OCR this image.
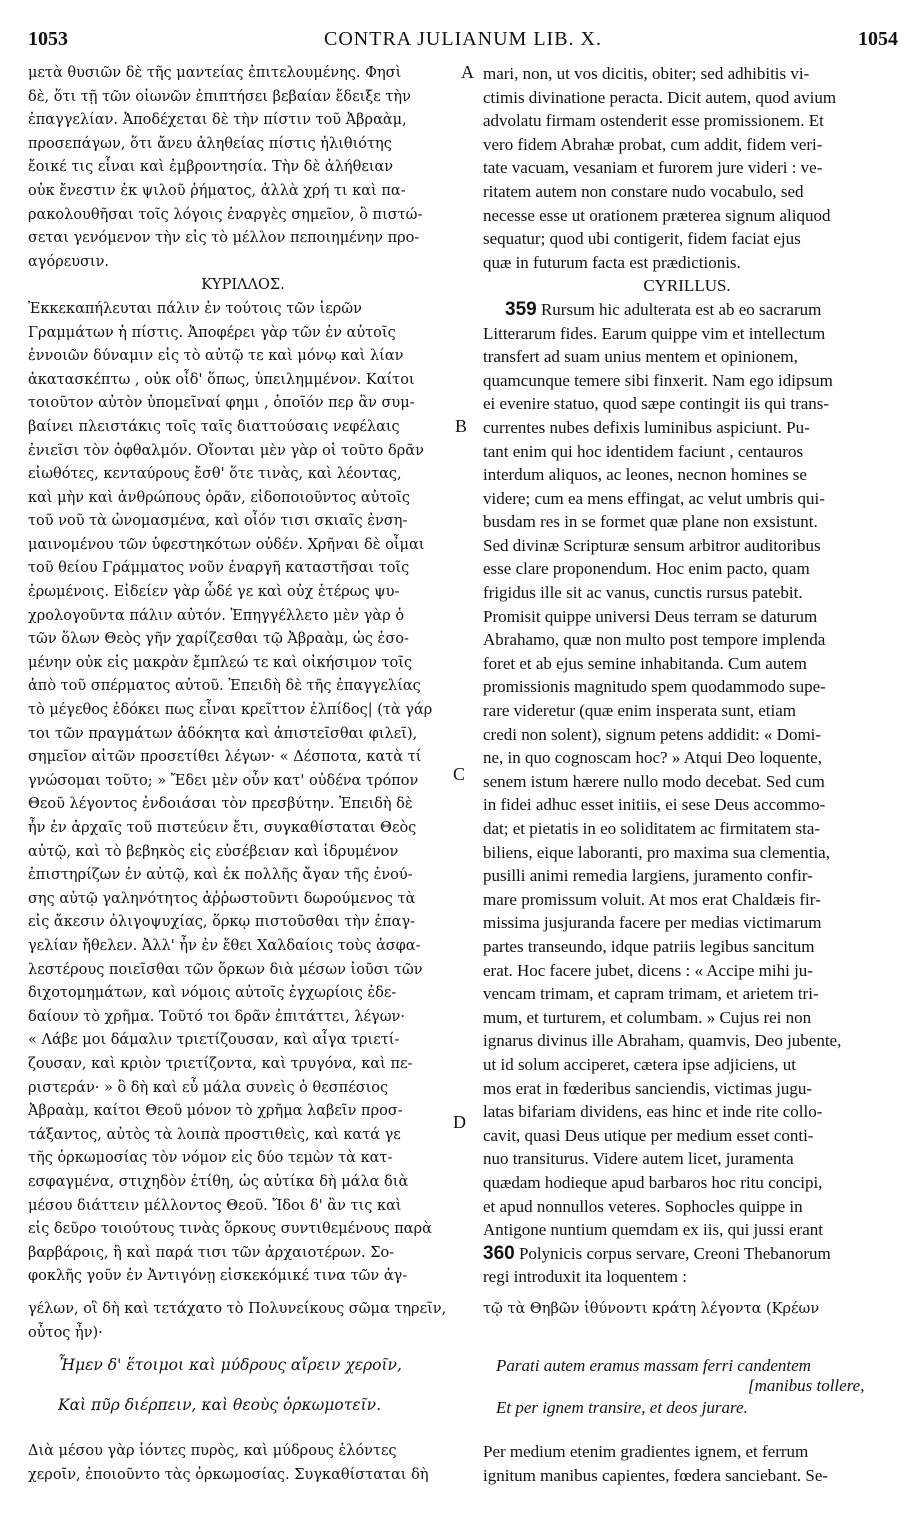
1053	CONTRA JULIANUM LIB. X.	1054
μετὰ θυσιῶν δὲ τῆς μαντείας ἐπιτελουμένης. Φησὶ
δὲ, ὅτι τῇ τῶν οἰωνῶν ἐπιπτήσει βεβαίαν ἔδειξε τὴν
ἐπαγγελίαν. Ἀποδέχεται δὲ τὴν πίστιν τοῦ Ἀβραὰμ,
προσεπάγων, ὅτι ἄνευ ἀληθείας πίστις ἠλιθιότης
ἔοικέ τις εἶναι καὶ ἐμβροντησία. Τὴν δὲ ἀλήθειαν
οὐκ ἔνεστιν ἐκ ψιλοῦ ῥήματος, ἀλλὰ χρή τι καὶ πα-
ρακολουθῆσαι τοῖς λόγοις ἐναργὲς σημεῖον, ὃ πιστώ-
σεται γενόμενον τὴν εἰς τὸ μέλλον πεποιημένην προ-
αγόρευσιν.
ΚΥΡΙΛΛΟΣ.
Ἐκκεκαπήλευται πάλιν ἐν τούτοις τῶν ἱερῶν
Γραμμάτων ἡ πίστις. Ἀποφέρει γὰρ τῶν ἐν αὐτοῖς
ἐννοιῶν δύναμιν εἰς τὸ αὐτῷ τε καὶ μόνῳ καὶ λίαν
ἀκατασκέπτω , οὐκ οἶδ' ὅπως, ὑπειλημμένον. Καίτοι
τοιοῦτον αὐτὸν ὑπομεῖναί φημι , ὁποῖόν περ ἂν συμ-
βαίνει πλειστάκις τοῖς ταῖς διαττούσαις νεφέλαις
ἐνιεῖσι τὸν ὀφθαλμόν. Οἴονται μὲν γὰρ οἱ τοῦτο δρᾶν
εἰωθότες, κενταύρους ἔσθ' ὅτε τινὰς, καὶ λέοντας,
καὶ μὴν καὶ ἀνθρώπους ὁρᾶν, εἰδοποιοῦντος αὐτοῖς
τοῦ νοῦ τὰ ὠνομασμένα, καὶ οἷόν τισι σκιαῖς ἐνση-
μαινομένου τῶν ὑφεστηκότων οὐδέν. Χρῆναι δὲ οἶμαι
τοῦ θείου Γράμματος νοῦν ἐναργῆ καταστῆσαι τοῖς
ἐρωμένοις. Εἰδείεν γὰρ ὧδέ γε καὶ οὐχ ἑτέρως ψυ-
χρολογοῦντα πάλιν αὐτόν. Ἐπηγγέλλετο μὲν γὰρ ὁ
τῶν ὅλων Θεὸς γῆν χαρίζεσθαι τῷ Ἀβραὰμ, ὡς ἐσο-
μένην οὐκ εἰς μακρὰν ἔμπλεώ τε καὶ οἰκήσιμον τοῖς
ἀπὸ τοῦ σπέρματος αὐτοῦ. Ἐπειδὴ δὲ τῆς ἐπαγγελίας
τὸ μέγεθος ἐδόκει πως εἶναι κρεῖττον ἐλπίδος| (τὰ γάρ
τοι τῶν πραγμάτων ἀδόκητα καὶ ἀπιστεῖσθαι φιλεῖ),
σημεῖον αἰτῶν προσετίθει λέγων· « Δέσποτα, κατὰ τί
γνώσομαι τοῦτο; » Ἔδει μὲν οὖν κατ' οὐδένα τρόπον
Θεοῦ λέγοντος ἐνδοιάσαι τὸν πρεσβύτην. Ἐπειδὴ δὲ
ἦν ἐν ἀρχαῖς τοῦ πιστεύειν ἔτι, συγκαθίσταται Θεὸς
αὐτῷ, καὶ τὸ βεβηκὸς εἰς εὐσέβειαν καὶ ἱδρυμένον
ἐπιστηρίζων ἐν αὐτῷ, καὶ ἐκ πολλῆς ἄγαν τῆς ἐνού-
σης αὐτῷ γαληνότητος ἀῤῥωστοῦντι δωρούμενος τὰ
εἰς ἄκεσιν ὀλιγοψυχίας, ὅρκῳ πιστοῦσθαι τὴν ἐπαγ-
γελίαν ἤθελεν. Ἀλλ' ἦν ἐν ἔθει Χαλδαίοις τοὺς ἀσφα-
λεστέρους ποιεῖσθαι τῶν ὅρκων διὰ μέσων ἰοῦσι τῶν
διχοτομημάτων, καὶ νόμοις αὐτοῖς ἐγχωρίοις ἐδε-
δαίουν τὸ χρῆμα. Τοῦτό τοι δρᾶν ἐπιτάττει, λέγων·
« Λάβε μοι δάμαλιν τριετίζουσαν, καὶ αἶγα τριετί-
ζουσαν, καὶ κριὸν τριετίζοντα, καὶ τρυγόνα, καὶ πε-
ριστεράν· » ὃ δὴ καὶ εὖ μάλα συνεὶς ὁ θεσπέσιος
Ἀβραὰμ, καίτοι Θεοῦ μόνον τὸ χρῆμα λαβεῖν προσ-
τάξαντος, αὐτὸς τὰ λοιπὰ προστιθεὶς, καὶ κατά γε
τῆς ὁρκωμοσίας τὸν νόμον εἰς δύο τεμὼν τὰ κατ-
εσφαγμένα, στιχηδὸν ἐτίθη, ὡς αὐτίκα δὴ μάλα διὰ
μέσου διάττειν μέλλοντος Θεοῦ. Ἴδοι δ' ἂν τις καὶ
εἰς δεῦρο τοιούτους τινὰς ὅρκους συντιθεμένους παρὰ
βαρβάροις, ἢ καὶ παρά τισι τῶν ἀρχαιοτέρων. Σο-
φοκλῆς γοῦν ἐν Ἀντιγόνῃ εἰσκεκόμικέ τινα τῶν ἀγ-
mari, non, ut vos dicitis, obiter; sed adhibitis vi-
ctimis divinatione peracta. Dicit autem, quod avium
advolatu firmam ostenderit esse promissionem. Et
vero fidem Abrahæ probat, cum addit, fidem veri-
tate vacuam, vesaniam et furorem jure videri : ve-
ritatem autem non constare nudo vocabulo, sed
necesse esse ut orationem præterea signum aliquod
sequatur; quod ubi contigerit, fidem faciat ejus
quæ in futurum facta est prædictionis.
CYRILLUS.
359 Rursum hic adulterata est ab eo sacrarum
Litterarum fides. Earum quippe vim et intellectum
transfert ad suam unius mentem et opinionem,
quamcunque temere sibi finxerit. Nam ego idipsum
ei evenire statuo, quod sæpe contingit iis qui trans-
currentes nubes defixis luminibus aspiciunt. Pu-
tant enim qui hoc identidem faciunt , centauros
interdum aliquos, ac leones, necnon homines se
videre; cum ea mens effingat, ac velut umbris qui-
busdam res in se formet quæ plane non exsistunt.
Sed divinæ Scripturæ sensum arbitror auditoribus
esse clare proponendum. Hoc enim pacto, quam
frigidus ille sit ac vanus, cunctis rursus patebit.
Promisit quippe universi Deus terram se daturum
Abrahamo, quæ non multo post tempore implenda
foret et ab ejus semine inhabitanda. Cum autem
promissionis magnitudo spem quodammodo supe-
rare videretur (quæ enim insperata sunt, etiam
credi non solent), signum petens addidit: « Domi-
ne, in quo cognoscam hoc? » Atqui Deo loquente,
senem istum hærere nullo modo decebat. Sed cum
in fidei adhuc esset initiis, ei sese Deus accommo-
dat; et pietatis in eo soliditatem ac firmitatem sta-
biliens, eique laboranti, pro maxima sua clementia,
pusilli animi remedia largiens, juramento confir-
mare promissum voluit. At mos erat Chaldæis fir-
missima jusjuranda facere per medias victimarum
partes transeundo, idque patriis legibus sancitum
erat. Hoc facere jubet, dicens : « Accipe mihi ju-
vencam trimam, et capram trimam, et arietem tri-
mum, et turturem, et columbam. » Cujus rei non
ignarus divinus ille Abraham, quamvis, Deo jubente,
ut id solum acciperet, cætera ipse adjiciens, ut
mos erat in fœderibus sanciendis, victimas jugu-
latas bifariam dividens, eas hinc et inde rite collo-
cavit, quasi Deus utique per medium esset conti-
nuo transiturus. Videre autem licet, juramenta
quædam hodieque apud barbaros hoc ritu concipi,
et apud nonnullos veteres. Sophocles quippe in
Antigone nuntium quemdam ex iis, qui jussi erant
360 Polynicis corpus servare, Creoni Thebanorum
regi introduxit ita loquentem :
A
B
C
D
γέλων, οἳ δὴ καὶ τετάχατο τὸ Πολυνείκους σῶμα τηρεῖν,	τῷ τὰ Θηβῶν ἰθύνοντι κράτη λέγοντα (Κρέων
οὗτος ἦν)·
Ἦμεν δ' ἕτοιμοι καὶ μύδρους αἴρειν χεροῖν,
Καὶ πῦρ διέρπειν, καὶ θεοὺς ὁρκωμοτεῖν.
Parati autem eramus massam ferri candentem
[manibus tollere,
Et per ignem transire, et deos jurare.
Διὰ μέσου γὰρ ἰόντες πυρὸς, καὶ μύδρους ἑλόντες
χεροῖν, ἐποιοῦντο τὰς ὁρκωμοσίας. Συγκαθίσταται δὴ
Per medium etenim gradientes ignem, et ferrum
ignitum manibus capientes, fœdera sanciebant. Se-
